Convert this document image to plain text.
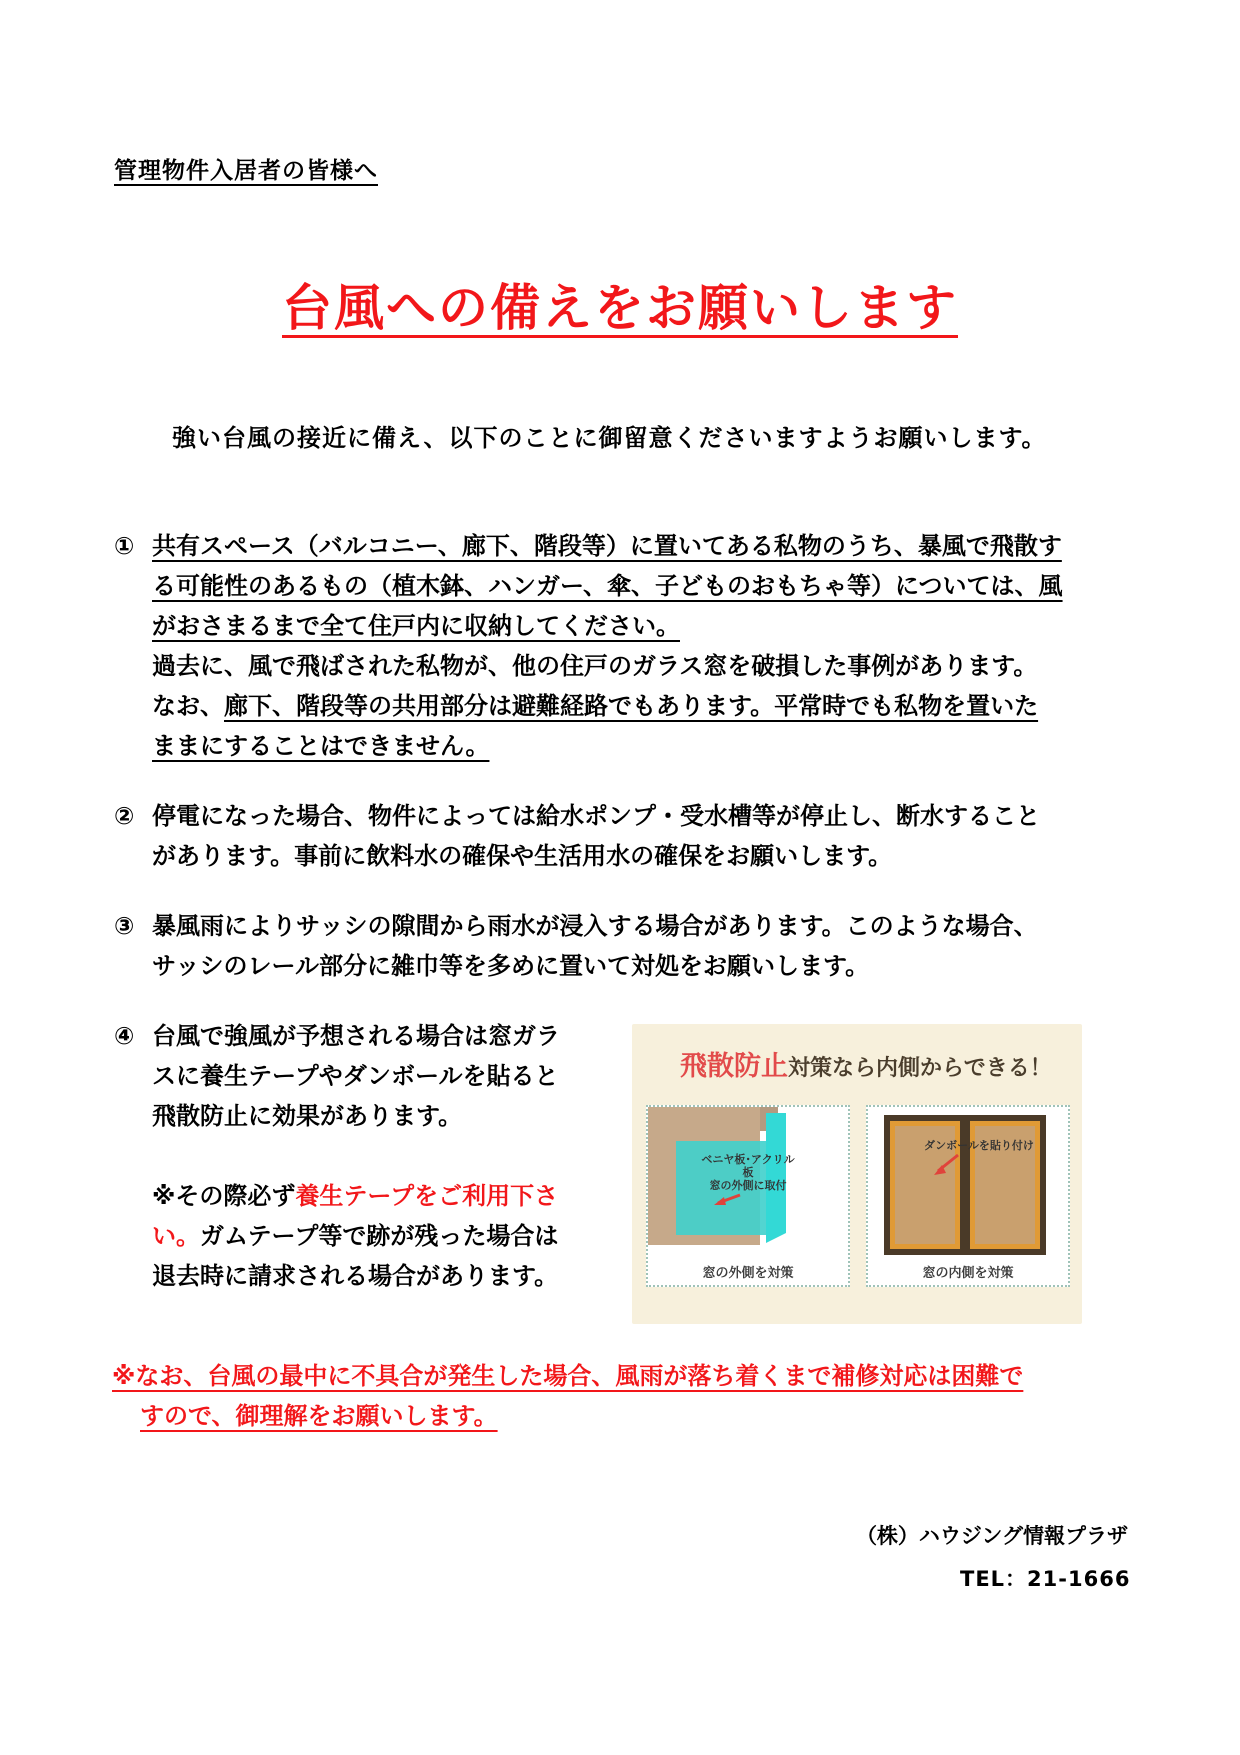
管理物件入居者の皆様へ
台風への備えをお願いします
強い台風の接近に備え、以下のことに御留意くださいますようお願いします。
① 共有スペース（バルコニー、廊下、階段等）に置いてある私物のうち、暴風で飛散す
る可能性のあるもの（植木鉢、ハンガー、傘、子どものおもちゃ等）については、風
がおさまるまで全て住戸内に収納してください。
過去に、風で飛ばされた私物が、他の住戸のガラス窓を破損した事例があります。
なお、廊下、階段等の共用部分は避難経路でもあります。平常時でも私物を置いた
ままにすることはできません。
② 停電になった場合、物件によっては給水ポンプ・受水槽等が停止し、断水すること
があります。事前に飲料水の確保や生活用水の確保をお願いします。
③ 暴風雨によりサッシの隙間から雨水が浸入する場合があります。このような場合、
サッシのレール部分に雑巾等を多めに置いて対処をお願いします。
④ 台風で強風が予想される場合は窓ガラ
スに養生テープやダンボールを貼ると
飛散防止に効果があります。

※その際必ず養生テープをご利用下さ
い。ガムテープ等で跡が残った場合は
退去時に請求される場合があります。
飛散防止対策なら内側からできる！
ベニヤ板･アクリル板
窓の外側に取付
窓の外側を対策
ダンボールを貼り付け
窓の内側を対策
※なお、台風の最中に不具合が発生した場合、風雨が落ち着くまで補修対応は困難で
すので、御理解をお願いします。
（株）ハウジング情報プラザ
TEL：21-1666
